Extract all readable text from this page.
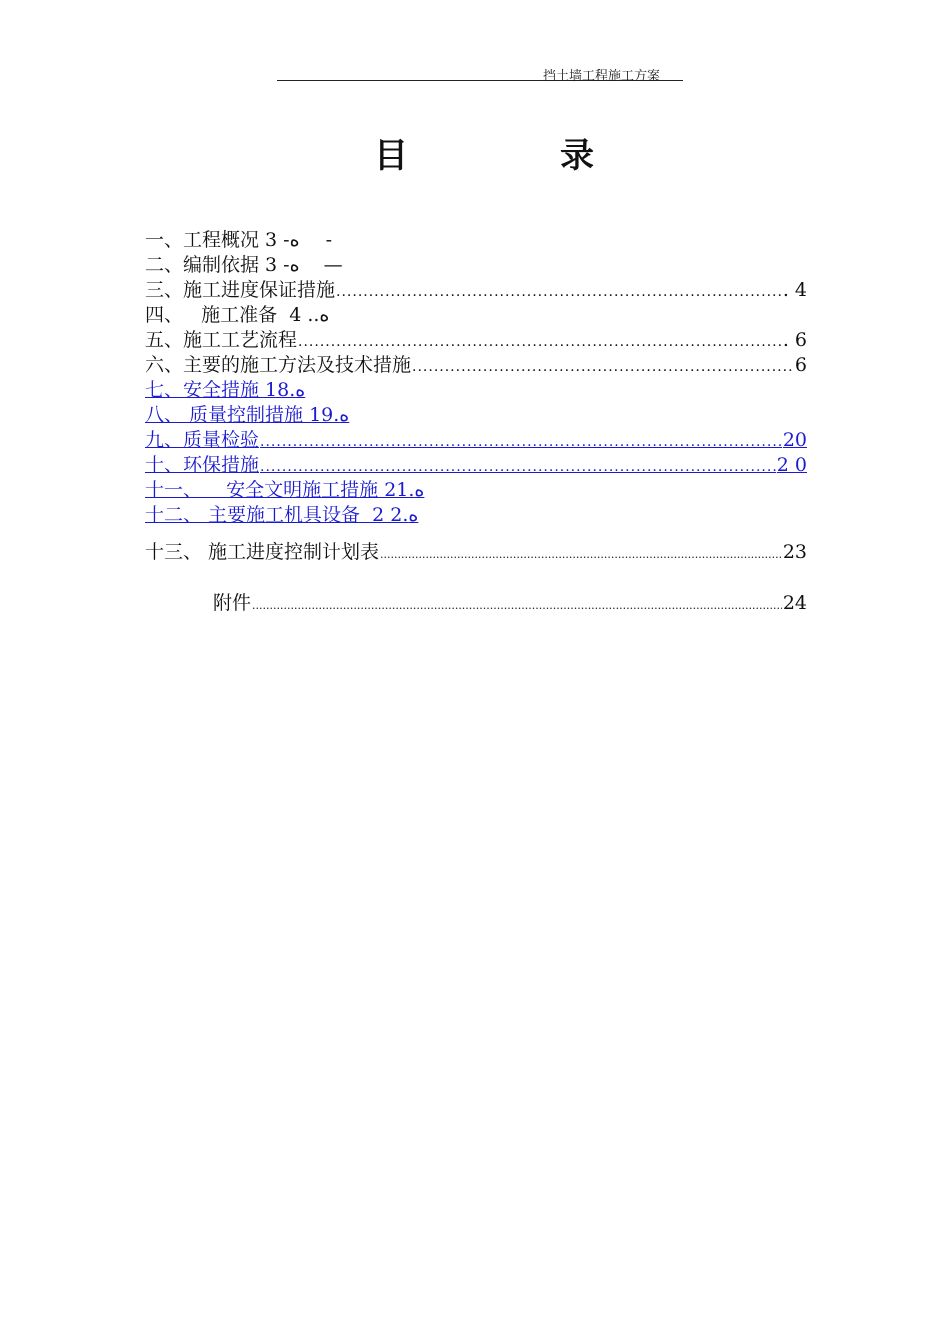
挡土墙工程施工方案
目	录
一、工程概况 3 -ه -
二、编制依据 3 -ه —
三、施工进度保证措施 .....	. 4
四、   施工准备  4 ..ه
五、施工工艺流程 .....	. 6
六、主要的施工方法及技术措施 .....	6
七、安全措施 18.ه
八、 质量控制措施 19.ه
九、质量检验 .....	20
十、环保措施 .....	2 0
十一、    安全文明施工措施 21.ه
十二、 主要施工机具设备  2 2.ه
十三、 施工进度控制计划表 .....	23
附件 .....	24
